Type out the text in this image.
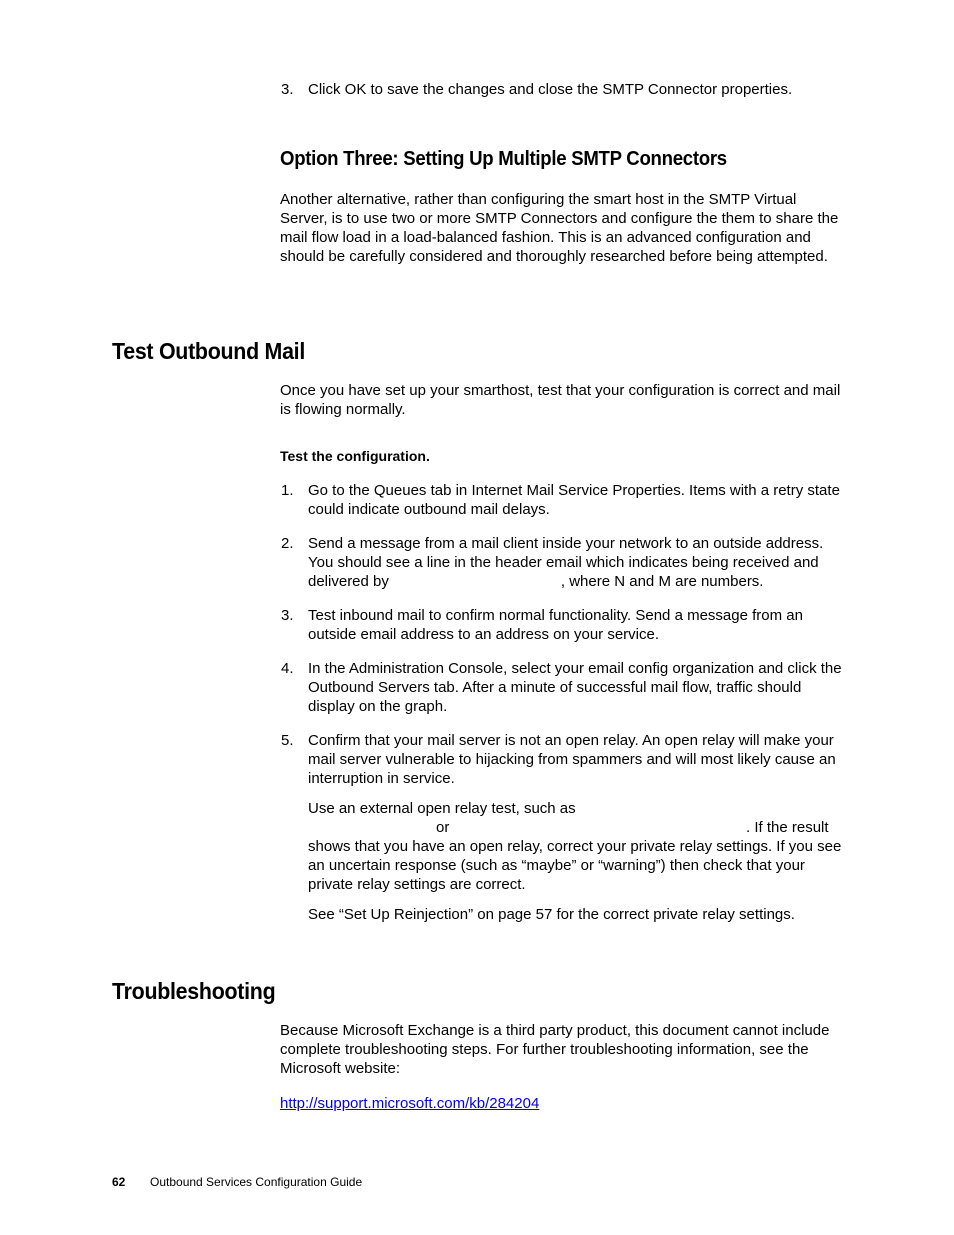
3. Click OK to save the changes and close the SMTP Connector properties.
Option Three: Setting Up Multiple SMTP Connectors
Another alternative, rather than configuring the smart host in the SMTP Virtual Server, is to use two or more SMTP Connectors and configure the them to share the mail flow load in a load-balanced fashion. This is an advanced configuration and should be carefully considered and thoroughly researched before being attempted.
Test Outbound Mail
Once you have set up your smarthost, test that your configuration is correct and mail is flowing normally.
Test the configuration.
1. Go to the Queues tab in Internet Mail Service Properties. Items with a retry state could indicate outbound mail delays.
2. Send a message from a mail client inside your network to an outside address. You should see a line in the header email which indicates being received and delivered by	, where N and M are numbers.
3. Test inbound mail to confirm normal functionality. Send a message from an outside email address to an address on your service.
4. In the Administration Console, select your email config organization and click the Outbound Servers tab. After a minute of successful mail flow, traffic should display on the graph.
5. Confirm that your mail server is not an open relay. An open relay will make your mail server vulnerable to hijacking from spammers and will most likely cause an interruption in service.
Use an external open relay test, such as
or	. If the result
shows that you have an open relay, correct your private relay settings. If you see an uncertain response (such as “maybe” or “warning”) then check that your private relay settings are correct.
See “Set Up Reinjection” on page 57 for the correct private relay settings.
Troubleshooting
Because Microsoft Exchange is a third party product, this document cannot include complete troubleshooting steps. For further troubleshooting information, see the Microsoft website:
http://support.microsoft.com/kb/284204
62 Outbound Services Configuration Guide
